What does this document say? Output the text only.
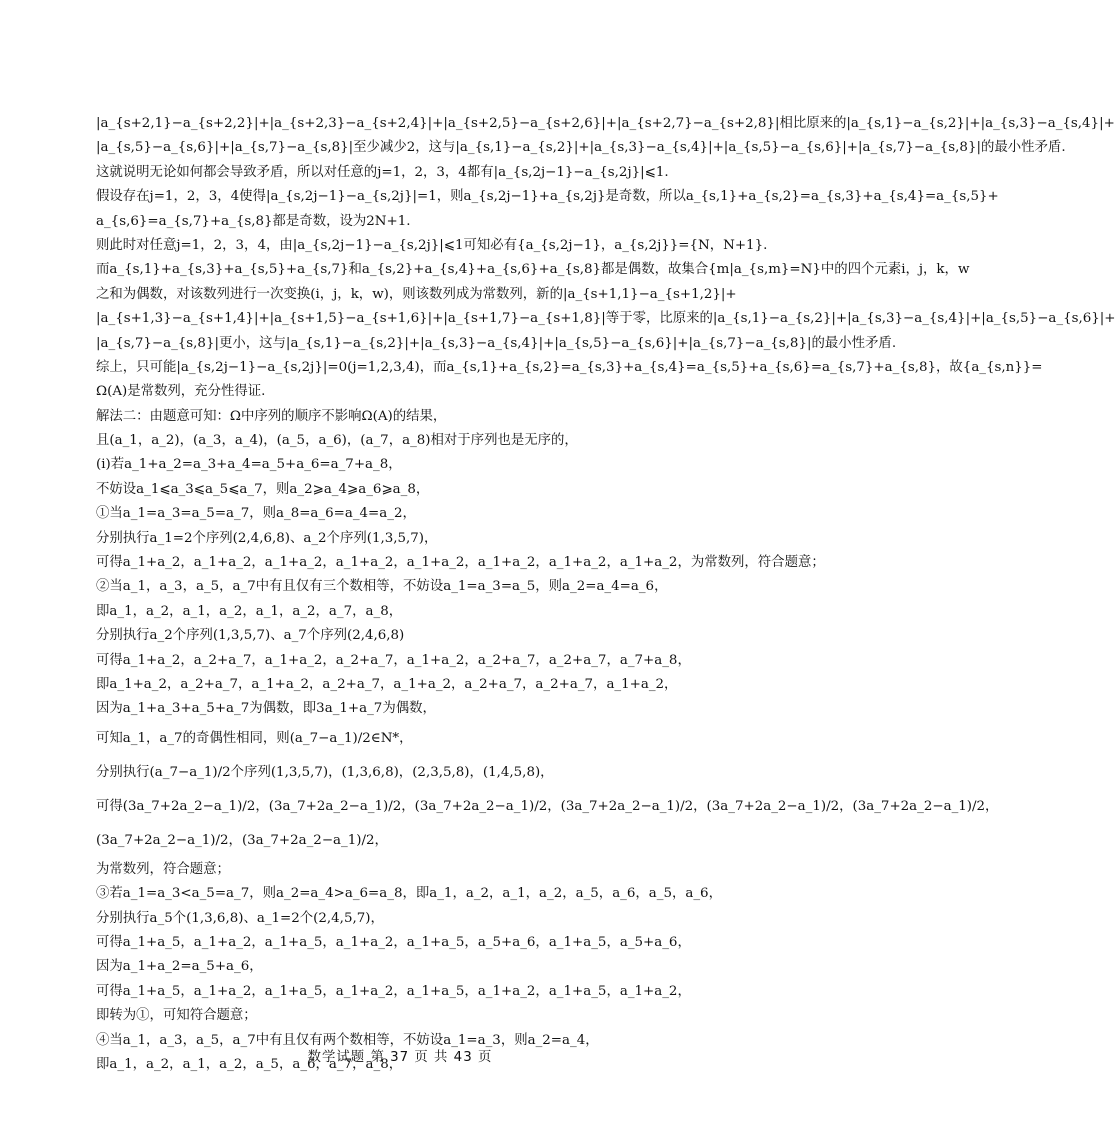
|a_{s+2,1}−a_{s+2,2}|+|a_{s+2,3}−a_{s+2,4}|+|a_{s+2,5}−a_{s+2,6}|+|a_{s+2,7}−a_{s+2,8}|相比原来的|a_{s,1}−a_{s,2}|+|a_{s,3}−a_{s,4}|+
|a_{s,5}−a_{s,6}|+|a_{s,7}−a_{s,8}|至少减少2，这与|a_{s,1}−a_{s,2}|+|a_{s,3}−a_{s,4}|+|a_{s,5}−a_{s,6}|+|a_{s,7}−a_{s,8}|的最小性矛盾.
这就说明无论如何都会导致矛盾，所以对任意的j=1，2，3，4都有|a_{s,2j−1}−a_{s,2j}|⩽1.
假设存在j=1，2，3，4使得|a_{s,2j−1}−a_{s,2j}|=1，则a_{s,2j−1}+a_{s,2j}是奇数，所以a_{s,1}+a_{s,2}=a_{s,3}+a_{s,4}=a_{s,5}+
a_{s,6}=a_{s,7}+a_{s,8}都是奇数，设为2N+1.
则此时对任意j=1，2，3，4，由|a_{s,2j−1}−a_{s,2j}|⩽1可知必有{a_{s,2j−1}，a_{s,2j}}={N，N+1}.
而a_{s,1}+a_{s,3}+a_{s,5}+a_{s,7}和a_{s,2}+a_{s,4}+a_{s,6}+a_{s,8}都是偶数，故集合{m|a_{s,m}=N}中的四个元素i，j，k，w
之和为偶数，对该数列进行一次变换(i，j，k，w)，则该数列成为常数列，新的|a_{s+1,1}−a_{s+1,2}|+
|a_{s+1,3}−a_{s+1,4}|+|a_{s+1,5}−a_{s+1,6}|+|a_{s+1,7}−a_{s+1,8}|等于零，比原来的|a_{s,1}−a_{s,2}|+|a_{s,3}−a_{s,4}|+|a_{s,5}−a_{s,6}|+
|a_{s,7}−a_{s,8}|更小，这与|a_{s,1}−a_{s,2}|+|a_{s,3}−a_{s,4}|+|a_{s,5}−a_{s,6}|+|a_{s,7}−a_{s,8}|的最小性矛盾.
综上，只可能|a_{s,2j−1}−a_{s,2j}|=0(j=1,2,3,4)，而a_{s,1}+a_{s,2}=a_{s,3}+a_{s,4}=a_{s,5}+a_{s,6}=a_{s,7}+a_{s,8}，故{a_{s,n}}=
Ω(A)是常数列，充分性得证.
解法二：由题意可知：Ω中序列的顺序不影响Ω(A)的结果，
且(a_1，a_2)，(a_3，a_4)，(a_5，a_6)，(a_7，a_8)相对于序列也是无序的，
(ⅰ)若a_1+a_2=a_3+a_4=a_5+a_6=a_7+a_8，
不妨设a_1⩽a_3⩽a_5⩽a_7，则a_2⩾a_4⩾a_6⩾a_8，
①当a_1=a_3=a_5=a_7，则a_8=a_6=a_4=a_2，
分别执行a_1=2个序列(2,4,6,8)、a_2个序列(1,3,5,7)，
可得a_1+a_2，a_1+a_2，a_1+a_2，a_1+a_2，a_1+a_2，a_1+a_2，a_1+a_2，a_1+a_2，为常数列，符合题意；
②当a_1，a_3，a_5，a_7中有且仅有三个数相等，不妨设a_1=a_3=a_5，则a_2=a_4=a_6，
即a_1，a_2，a_1，a_2，a_1，a_2，a_7，a_8，
分别执行a_2个序列(1,3,5,7)、a_7个序列(2,4,6,8)
可得a_1+a_2，a_2+a_7，a_1+a_2，a_2+a_7，a_1+a_2，a_2+a_7，a_2+a_7，a_7+a_8，
即a_1+a_2，a_2+a_7，a_1+a_2，a_2+a_7，a_1+a_2，a_2+a_7，a_2+a_7，a_1+a_2，
因为a_1+a_3+a_5+a_7为偶数，即3a_1+a_7为偶数，
可知a_1，a_7的奇偶性相同，则(a_7−a_1)/2∈N*，
分别执行(a_7−a_1)/2个序列(1,3,5,7)，(1,3,6,8)，(2,3,5,8)，(1,4,5,8)，
可得(3a_7+2a_2−a_1)/2，(3a_7+2a_2−a_1)/2，(3a_7+2a_2−a_1)/2，(3a_7+2a_2−a_1)/2，(3a_7+2a_2−a_1)/2，(3a_7+2a_2−a_1)/2，
(3a_7+2a_2−a_1)/2，(3a_7+2a_2−a_1)/2，
为常数列，符合题意；
③若a_1=a_3<a_5=a_7，则a_2=a_4>a_6=a_8，即a_1，a_2，a_1，a_2，a_5，a_6，a_5，a_6，
分别执行a_5个(1,3,6,8)、a_1=2个(2,4,5,7)，
可得a_1+a_5，a_1+a_2，a_1+a_5，a_1+a_2，a_1+a_5，a_5+a_6，a_1+a_5，a_5+a_6，
因为a_1+a_2=a_5+a_6，
可得a_1+a_5，a_1+a_2，a_1+a_5，a_1+a_2，a_1+a_5，a_1+a_2，a_1+a_5，a_1+a_2，
即转为①，可知符合题意；
④当a_1，a_3，a_5，a_7中有且仅有两个数相等，不妨设a_1=a_3，则a_2=a_4，
即a_1，a_2，a_1，a_2，a_5，a_6，a_7，a_8，
数学试题 第 37 页 共 43 页
